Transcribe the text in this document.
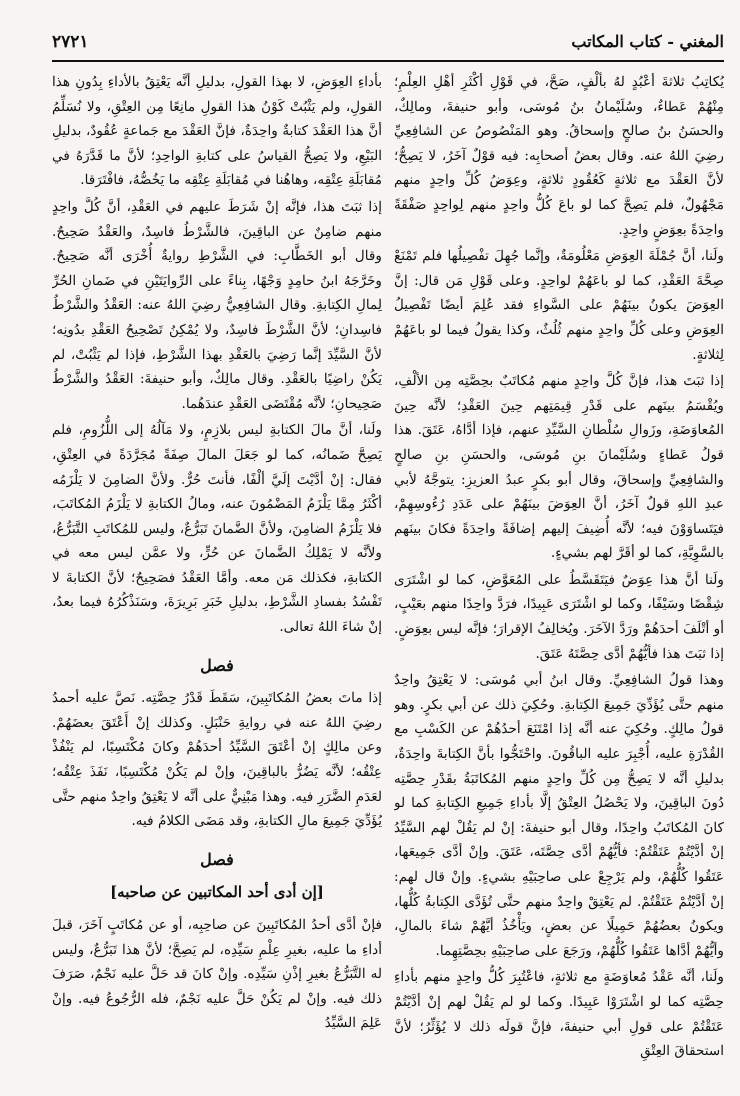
المغني - كتاب المكاتب
٢٧٢١

يُكاتِبُ ثلاثةَ أعْبُدٍ لهُ بألْفٍ، صَحَّ، في قَوْلِ أكْثَرِ أهْلِ العِلْمِ؛ مِنْهُمْ عَطاءٌ، وسُلَيْمانُ بنُ مُوسَى، وأبو حنيفةَ، ومالِكٌ، والحسَنُ بنُ صالحٍ وإسحاقُ. وهو المَنْصُوصُ عن الشافِعِيِّ رضِيَ اللهُ عنه. وقال بعضُ أصحابِه: فيه قوْلٌ آخَرُ، لا يَصِحُّ؛ لأنَّ العَقْدَ مع ثلاثةٍ كَعُقُودٍ ثلاثةٍ، وعِوَضُ كُلِّ واحِدٍ منهم مَجْهُولٌ، فلم يَصِحَّ كما لو باعَ كُلُّ واحِدٍ منهم لِواحِدٍ صَفْقَةً واحِدَةً بعِوَضٍ واحِدٍ.

ولَنا، أنَّ جُمْلَةَ العِوَضِ مَعْلُومَةٌ، وإنَّما جُهِلَ تفْصِيلُها فلم تَمْنَعْ صِحَّةَ العَقْدِ، كما لو باعَهُمْ لواحِدٍ. وعلى قَوْلِ مَن قال: إنَّ العِوَضَ يكونُ بينَهُمْ على السَّواءِ فقد عُلِمَ أيضًا تَفْصِيلُ العِوَضِ وعلى كُلِّ واحِدٍ منهم ثُلُثٌ، وكذا يقولُ فيما لو باعَهُمْ لِثلاثةٍ.

إذا ثبَتَ هذا، فإنَّ كُلَّ واحِدٍ منهم مُكاتَبٌ بحِصَّتِه مِن الألْفِ، ويُقْسَمُ بينَهم على قَدْرِ قِيمَتِهم حِينَ العَقْدِ؛ لأنَّه حِينَ المُعاوَضَةِ، وزَوالِ سُلْطانِ السَّيِّدِ عنهم، فإذا أدَّاهُ، عَتَقَ. هذا قولُ عَطاءٍ وسُلَيْمانَ بنِ مُوسَى، والحسَنِ بنِ صالحٍ والشافِعِيِّ وإسحاقَ، وقال أبو بكرٍ عبدُ العزيزِ: يتوجَّهُ لأبي عبدِ اللهِ قولٌ آخَرُ، أنَّ العِوَضَ بينَهُمْ على عَدَدِ رُءُوسِهِمْ، فيَتَساوَوْنَ فيه؛ لأنَّه أُضِيفَ إليهم إضافَةً واحِدَةً فكانَ بينَهم بالسَّوِيَّةِ، كما لو أقَرَّ لهم بشيءٍ.

ولَنا أنَّ هذا عِوَضٌ فيَتَقَسَّطُ على المُعَوَّضِ، كما لو اشْتَرَى شِقْصًا وسَيْفًا، وكما لو اشْتَرَى عَبِيدًا، فرَدَّ واحِدًا منهم بعَيْبٍ، أو أتْلَفَ أحدَهُمْ ورَدَّ الآخَرَ. ويُخالِفُ الإقرارَ؛ فإنَّه ليس بعِوَضٍ. إذا ثبَتَ هذا فأيُّهُمْ أدَّى حِصَّتَهُ عَتَقَ.

وهذا قولُ الشافِعِيِّ. وقال ابنُ أبي مُوسَى: لا يَعْتِقُ واحِدٌ منهم حتَّى يُؤَدِّيَ جَمِيعَ الكِتابةِ. وحُكِيَ ذلك عن أبي بكرٍ. وهو قولُ مالِكٍ. وحُكِيَ عنه أنَّه إذا امْتَنَعَ أحدُهُمْ عن الكَسْبِ مع القُدْرَةِ عليه، أُجْبِرَ عليه الباقُونَ. واحْتَجُّوا بأنَّ الكِتابةَ واحِدَةٌ، بدليلِ أنَّه لا يَصِحُّ مِن كُلِّ واحِدٍ منهم المُكاتَبَةُ بقَدْرِ حِصَّتِه دُونَ الباقِينَ، ولا يَحْصُلُ العِتْقُ إلَّا بأداءِ جَمِيعِ الكِتابةِ كما لو كانَ المُكاتَبُ واحِدًا، وقال أبو حنيفةَ: إنْ لم يَقُلْ لهم السَّيِّدُ إنْ أدَّيْتُمْ عَتَقْتُمْ: فأيُّهُمْ أدَّى حِصَّتَه، عَتَقَ. وإنْ أدَّى جَمِيعَها، عَتَقُوا كُلُّهُمْ، ولم يَرْجِعْ على صاحِبَيْهِ بشيءٍ. وإنْ قال لهم: إنْ أدَّيْتُمْ عَتَقْتُمْ. لم يَعْتِقْ واحِدٌ منهم حتَّى تُؤَدَّى الكِتابةُ كُلُّها، ويكونُ بعضُهُمْ حَمِيلًا عن بعضٍ، ويَأْخُذُ أيَّهُمْ شاءَ بالمالِ، وأيُّهُمْ أدَّاها عَتَقُوا كُلُّهُمْ، ورَجَعَ على صاحِبَيْهِ بحِصَّتِهِما.

ولَنا، أنَّه عَقْدُ مُعاوَضَةٍ مع ثلاثةٍ، فاعْتُبِرَ كُلُّ واحِدٍ منهم بأداءِ حِصَّتِه كما لو اشْتَرَوْا عَبِيدًا. وكما لو لم يَقُلْ لهم إنْ أدَّيْتُمْ عَتَقْتُمْ على قولِ أبي حنيفةَ، فإنَّ قولَه ذلك لا يُؤَثِّرُ؛ لأنَّ استحقاقَ العِتْقِ

بأداءِ العِوَضِ، لا بهذا القولِ، بدليلِ أنَّه يَعْتِقُ بالأداءِ بِدُونِ هذا القولِ، ولم يَثْبُتْ كَوْنُ هذا القولِ مانِعًا مِن العِتْقِ، ولا نُسَلِّمُ أنَّ هذا العَقْدَ كتابةٌ واحِدَةٌ، فإنَّ العَقْدَ مع جَماعةٍ عُقُودٌ، بدليلِ البَيْعِ، ولا يَصِحُّ القياسُ على كتابةِ الواحِدِ؛ لأنَّ ما قَدَّرَهُ في مُقابَلَةِ عِتْقِه، وهاهُنا في مُقابَلَةِ عِتْقِه ما يَخُصُّهُ، فافْتَرَقا.

إذا ثبَتَ هذا، فإنَّه إنْ شَرَطَ عليهم في العَقْدِ، أنَّ كُلَّ واحِدٍ منهم ضامِنٌ عن الباقِينَ، فالشَّرْطُ فاسِدٌ، والعَقْدُ صَحِيحٌ. وقال أبو الخَطَّابِ: في الشَّرْطِ روايةٌ أُخْرَى أنَّه صَحِيحٌ. وخَرَّجَهُ ابنُ حامِدٍ وَجْهًا، بِناءً على الرِّوايَتَيْنِ في ضَمانِ الحُرِّ لِمالِ الكِتابةِ. وقال الشافِعِيُّ رضِيَ اللهُ عنه: العَقْدُ والشَّرْطُ فاسِدانِ؛ لأنَّ الشَّرْطَ فاسِدٌ، ولا يُمْكِنُ تَصْحِيحُ العَقْدِ بدُونِه؛ لأنَّ السَّيِّدَ إنَّما رَضِيَ بالعَقْدِ بهذا الشَّرْطِ، فإذا لم يَثْبُتْ، لم يَكُنْ راضِيًا بالعَقْدِ. وقال مالِكٌ، وأبو حنيفةَ: العَقْدُ والشَّرْطُ صَحِيحانِ؛ لأنَّه مُقْتَضَى العَقْدِ عندَهُما.

ولَنا، أنَّ مالَ الكتابةِ ليس بلازِمٍ، ولا مَآلُهُ إلى اللُّزُومِ، فلم يَصِحَّ ضَمانُه، كما لو جَعَلَ المالَ صِفَةً مُجَرَّدَةً في العِتْقِ، فقال: إنْ أدَّيْتَ إلَيَّ ألْفًا، فأنتَ حُرٌّ. ولأنَّ الضامِنَ لا يَلْزَمُه أكْثَرُ مِمَّا يَلْزَمُ المَضْمُونَ عنه، ومالُ الكتابةِ لا يَلْزَمُ المُكاتَبَ، فلا يَلْزَمُ الضامِنَ، ولأنَّ الضَّمانَ تَبَرُّعٌ، وليس للمُكاتَبِ التَّبَرُّعُ، ولأنَّه لا يَمْلِكُ الضَّمانَ عن حُرٍّ، ولا عمَّن ليس معه في الكتابةِ، فكذلك مَن معه. وأمَّا العَقْدُ فصَحِيحٌ؛ لأنَّ الكتابةَ لا تَفْسُدُ بفسادِ الشَّرْطِ، بدليلِ خَبَرِ بَرِيرَةَ، وسَنَذْكُرُهُ فيما بعدُ، إنْ شاءَ اللهُ تعالى.

فصل

إذا ماتَ بعضُ المُكاتَبِينَ، سَقَطَ قَدْرُ حِصَّتِه. نَصَّ عليه أحمدُ رضِيَ اللهُ عنه في روايةِ حَنْبَلٍ. وكذلك إنْ أَعْتَقَ بعضَهُمْ. وعن مالِكٍ إنْ أعْتَقَ السَّيِّدُ أحدَهُمْ وكانَ مُكْتَسِبًا، لم يَنْفُذْ عِتْقُه؛ لأنَّه يَضُرُّ بالباقِينَ، وإنْ لم يَكُنْ مُكْتَسِبًا، نَفَذَ عِتْقُه؛ لعَدَمِ الضَّرَرِ فيه. وهذا مَبْنِيٌّ على أنَّه لا يَعْتِقُ واحِدٌ منهم حتَّى يُؤَدِّيَ جَمِيعَ مالِ الكتابةِ، وقد مَضَى الكلامُ فيه.

فصل
[إن أدى أحد المكاتبين عن صاحبه]

فإنْ أدَّى أحدُ المُكاتَبِينَ عن صاحِبِه، أو عن مُكاتَبٍ آخَرَ، قبلَ أداءِ ما عليه، بغيرِ عِلْمِ سَيِّدِه، لم يَصِحَّ؛ لأنَّ هذا تَبَرُّعٌ، وليس له التَّبَرُّعُ بغيرِ إذْنِ سَيِّدِه. وإنْ كانَ قد حَلَّ عليه نَجْمٌ، صَرَفَ ذلك فيه. وإنْ لم يَكُنْ حَلَّ عليه نَجْمٌ، فله الرُّجُوعُ فيه. وإنْ عَلِمَ السَّيِّدُ
